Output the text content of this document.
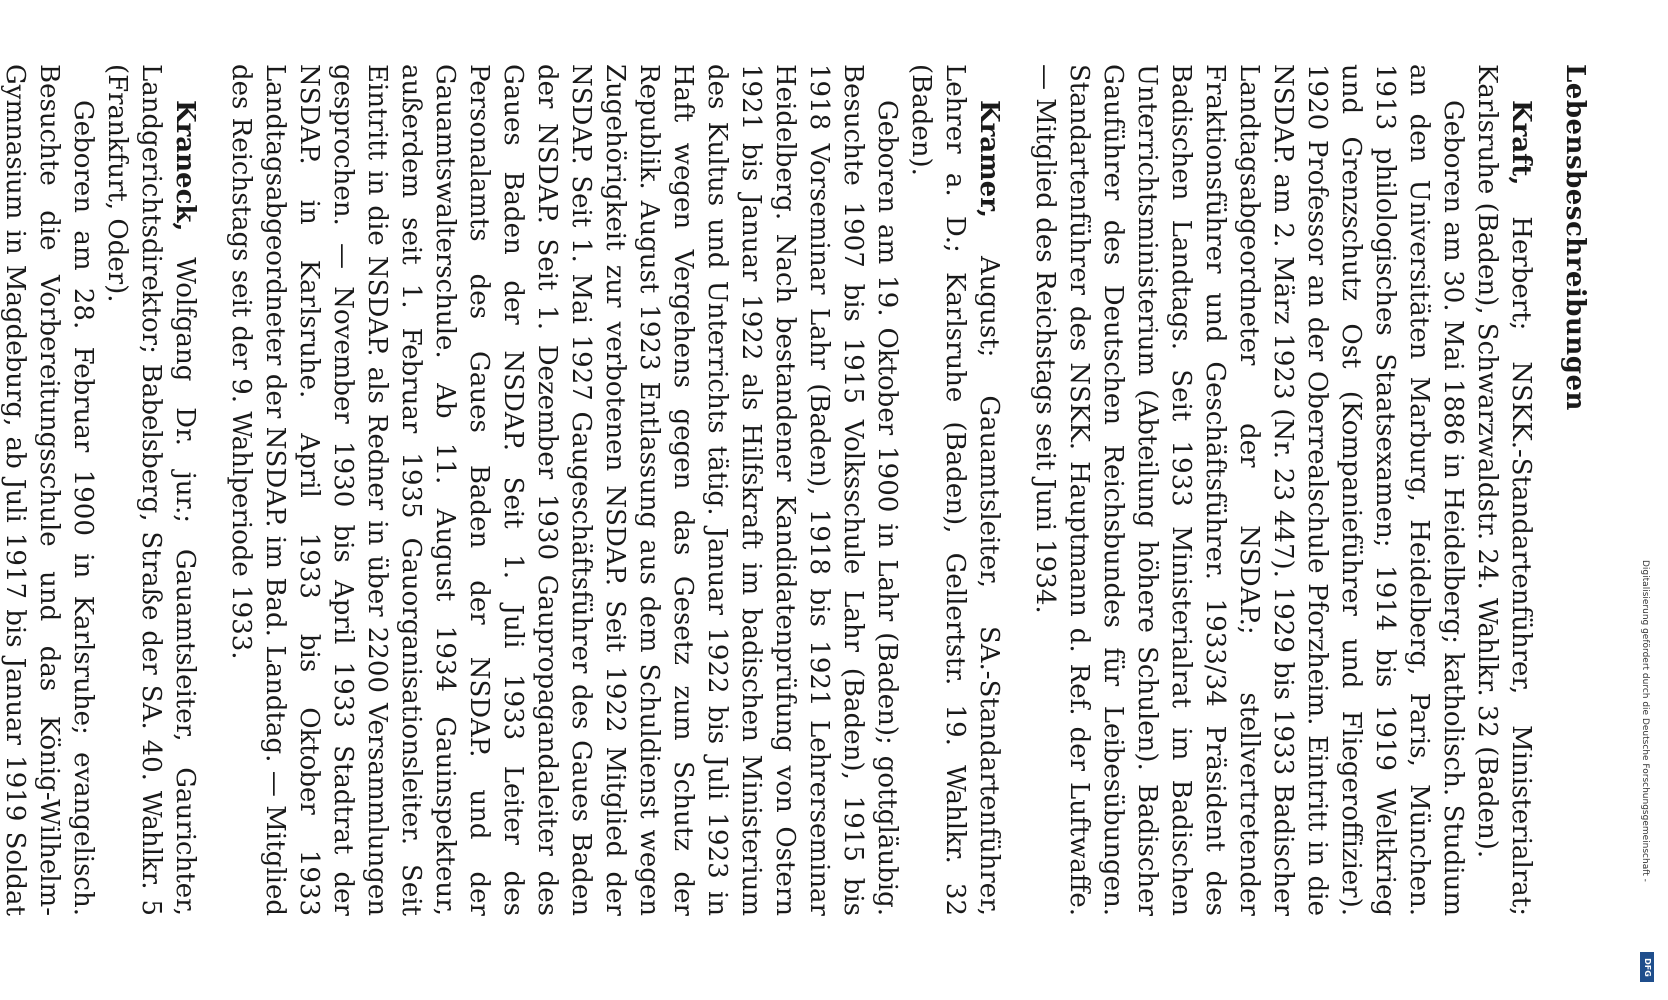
Lebensbeschreibungen

Kraft, Herbert; NSKK.-Standartenführer, Ministerialrat; Karlsruhe (Baden), Schwarzwaldstr. 24. Wahlkr. 32 (Baden).

Geboren am 30. Mai 1886 in Heidelberg; katholisch. Studium an den Universitäten Marburg, Heidelberg, Paris, München. 1913 philologisches Staatsexamen; 1914 bis 1919 Weltkrieg und Grenzschutz Ost (Kompanieführer und Fliegeroffizier). 1920 Professor an der Oberrealschule Pforzheim. Eintritt in die NSDAP. am 2. März 1923 (Nr. 23 447). 1929 bis 1933 Badischer Landtagsabgeordneter der NSDAP.; stellvertretender Fraktionsführer und Geschäftsführer. 1933/34 Präsident des Badischen Landtags. Seit 1933 Ministerialrat im Badischen Unterrichtsministerium (Abteilung höhere Schulen). Badischer Gauführer des Deutschen Reichsbundes für Leibesübungen. Standartenführer des NSKK. Hauptmann d. Ref. der Luftwaffe. — Mitglied des Reichstags seit Juni 1934.

Kramer, August; Gauamtsleiter, SA.-Standartenführer, Lehrer a. D.; Karlsruhe (Baden), Gellertstr. 19. Wahlkr. 32 (Baden).

Geboren am 19. Oktober 1900 in Lahr (Baden); gottgläubig. Besuchte 1907 bis 1915 Volksschule Lahr (Baden), 1915 bis 1918 Vorseminar Lahr (Baden), 1918 bis 1921 Lehrerseminar Heidelberg. Nach bestandener Kandidatenprüfung von Ostern 1921 bis Januar 1922 als Hilfskraft im badischen Ministerium des Kultus und Unterrichts tätig. Januar 1922 bis Juli 1923 in Haft wegen Vergehens gegen das Gesetz zum Schutz der Republik. August 1923 Entlassung aus dem Schuldienst wegen Zugehörigkeit zur verbotenen NSDAP. Seit 1922 Mitglied der NSDAP. Seit 1. Mai 1927 Gaugeschäftsführer des Gaues Baden der NSDAP. Seit 1. Dezember 1930 Gaupropagandaleiter des Gaues Baden der NSDAP. Seit 1. Juli 1933 Leiter des Personalamts des Gaues Baden der NSDAP. und der Gauamtswalterschule. Ab 11. August 1934 Gauinspekteur, außerdem seit 1. Februar 1935 Gauorganisationsleiter. Seit Eintritt in die NSDAP. als Redner in über 2200 Versammlungen gesprochen. — November 1930 bis April 1933 Stadtrat der NSDAP. in Karlsruhe. April 1933 bis Oktober 1933 Landtagsabgeordneter der NSDAP. im Bad. Landtag. — Mitglied des Reichstags seit der 9. Wahlperiode 1933.

Kraneck, Wolfgang Dr. jur.; Gauamtsleiter, Gaurichter, Landgerichtsdirektor; Babelsberg, Straße der SA. 40. Wahlkr. 5 (Frankfurt, Oder).

Geboren am 28. Februar 1900 in Karlsruhe; evangelisch. Besuchte die Vorbereitungsschule und das König-Wilhelm-Gymnasium in Magdeburg, ab Juli 1917 bis Januar 1919 Soldat	Digitalisierung gefördert durch die Deutsche Forschungsgemeinschaft -
DFG
